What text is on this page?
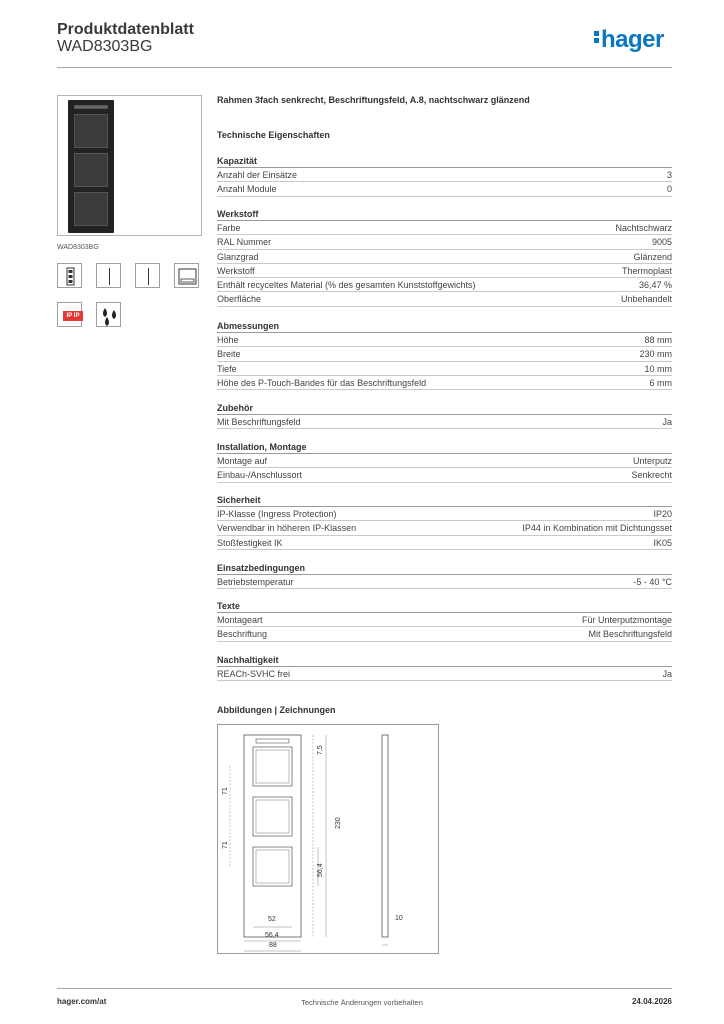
Produktdatenblatt
WAD8303BG	hager
WAD8303BG
IP IP
Rahmen 3fach senkrecht, Beschriftungsfeld, A.8, nachtschwarz glänzend
Technische Eigenschaften
Kapazität
Anzahl der Einsätze	3
Anzahl Module	0
Werkstoff
Farbe	Nachtschwarz
RAL Nummer	9005
Glanzgrad	Glänzend
Werkstoff	Thermoplast
Enthält recyceltes Material (% des gesamten Kunststoffgewichts)	36,47 %
Oberfläche	Unbehandelt
Abmessungen
Höhe	88 mm
Breite	230 mm
Tiefe	10 mm
Höhe des P-Touch-Bandes für das Beschriftungsfeld	6 mm
Zubehör
Mit Beschriftungsfeld	Ja
Installation, Montage
Montage auf	Unterputz
Einbau-/Anschlussort	Senkrecht
Sicherheit
IP-Klasse (Ingress Protection)	IP20
Verwendbar in höheren IP-Klassen	IP44 in Kombination mit Dichtungsset
Stoßfestigkeit IK	IK05
Einsatzbedingungen
Betriebstemperatur	-5 - 40 °C
Texte
Montageart	Für Unterputzmontage
Beschriftung	Mit Beschriftungsfeld
Nachhaltigkeit
REACh-SVHC frei	Ja
Abbildungen | Zeichnungen
7,5
71
71
230
56,4
52
56,4
88
10
hager.com/at	Technische Änderungen vorbehalten	24.04.2026
